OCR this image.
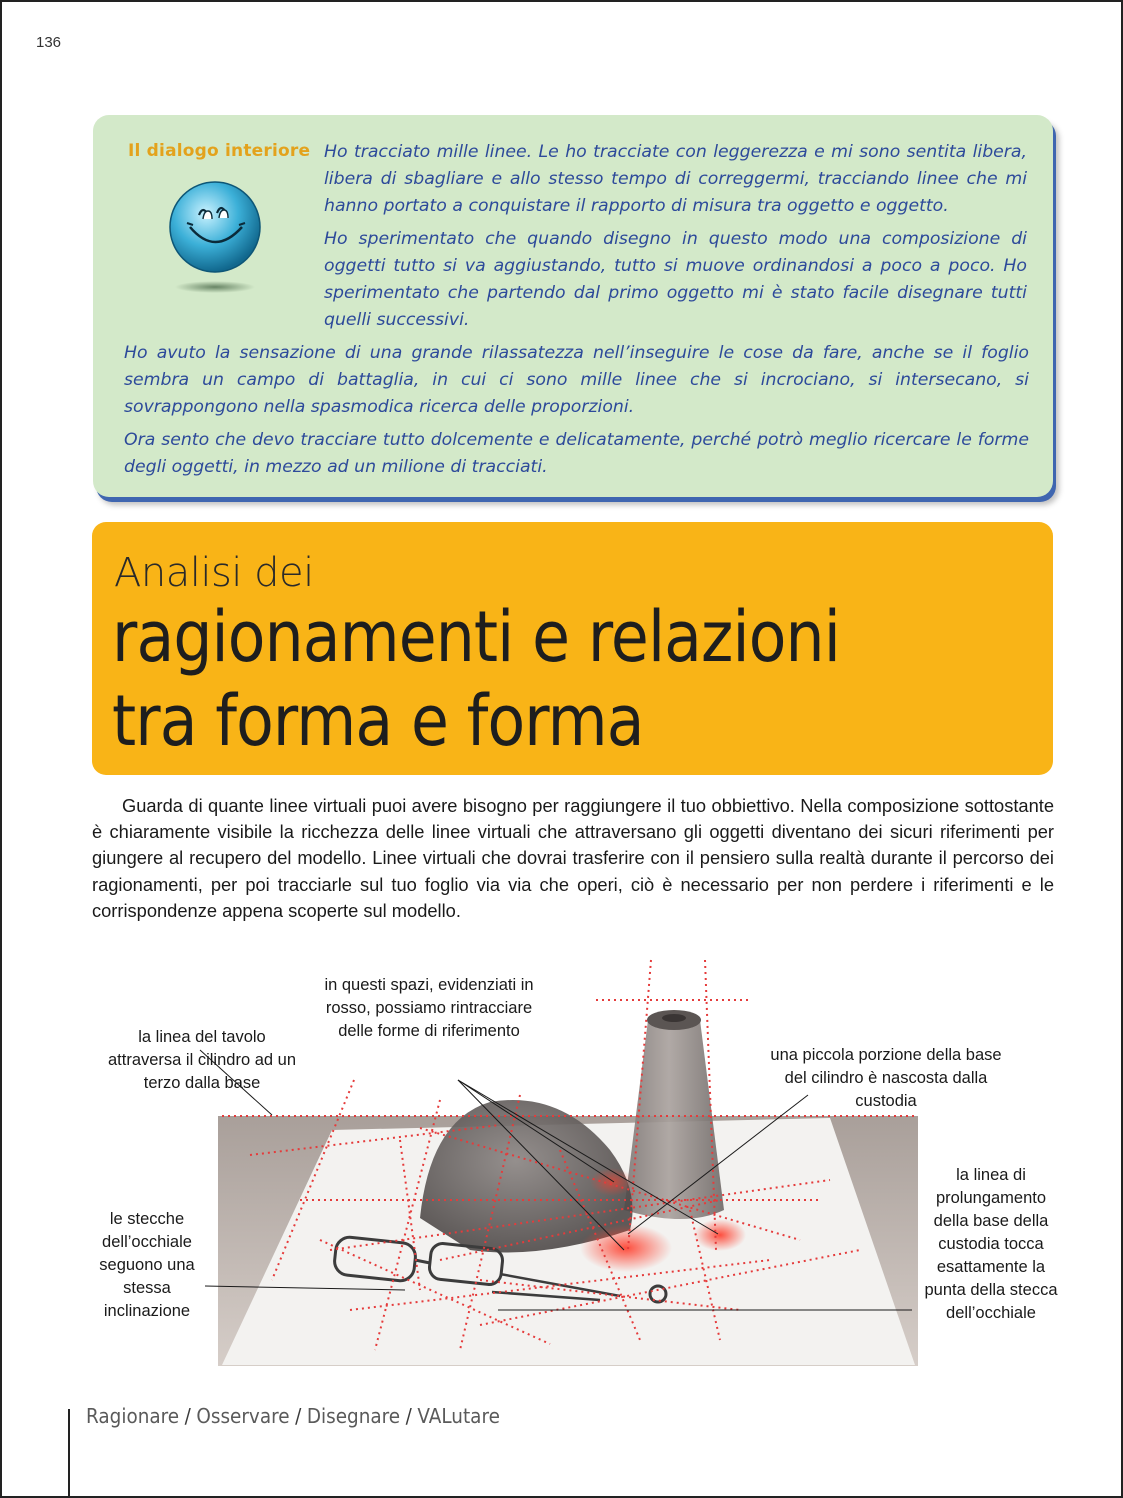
136
Il dialogo interiore Ho tracciato mille linee. Le ho tracciate con leggerezza e mi sono sentita libera, libera di sbagliare e allo stesso tempo di correggermi, tracciando linee che mi hanno portato a conquistare il rapporto di misura tra oggetto e oggetto.

Ho sperimentato che quando disegno in questo modo una composizione di oggetti tutto si va aggiustando, tutto si muove ordinandosi a poco a poco. Ho sperimentato che partendo dal primo oggetto mi è stato facile disegnare tutti quelli successivi.

Ho avuto la sensazione di una grande rilassatezza nell’inseguire le cose da fare, anche se il foglio sembra un campo di battaglia, in cui ci sono mille linee che si incrociano, si intersecano, si sovrappongono nella spasmodica ricerca delle proporzioni.

Ora sento che devo tracciare tutto dolcemente e delicatamente, perché potrò meglio ricercare le forme degli oggetti, in mezzo ad un milione di tracciati.

Analisi dei
ragionamenti e relazioni
tra forma e forma

Guarda di quante linee virtuali puoi avere bisogno per raggiungere il tuo obbiettivo. Nella composizione sottostante è chiaramente visibile la ricchezza delle linee virtuali che attraversano gli oggetti diventano dei sicuri riferimenti per giungere al recupero del modello. Linee virtuali che dovrai trasferire con il pensiero sulla realtà durante il percorso dei ragionamenti, per poi tracciarle sul tuo foglio via via che operi, ciò è necessario per non perdere i riferimenti e le corrispondenze appena scoperte sul modello.

in questi spazi, evidenziati in rosso, possiamo rintracciare delle forme di riferimento
la linea del tavolo attraversa il cilindro ad un terzo dalla base
una piccola porzione della base del cilindro è nascosta dalla custodia
le stecche dell’occhiale seguono una stessa inclinazione
la linea di prolungamento della base della custodia tocca esattamente la punta della stecca dell’occhiale
Ragionare / Osservare / Disegnare / VALutare
